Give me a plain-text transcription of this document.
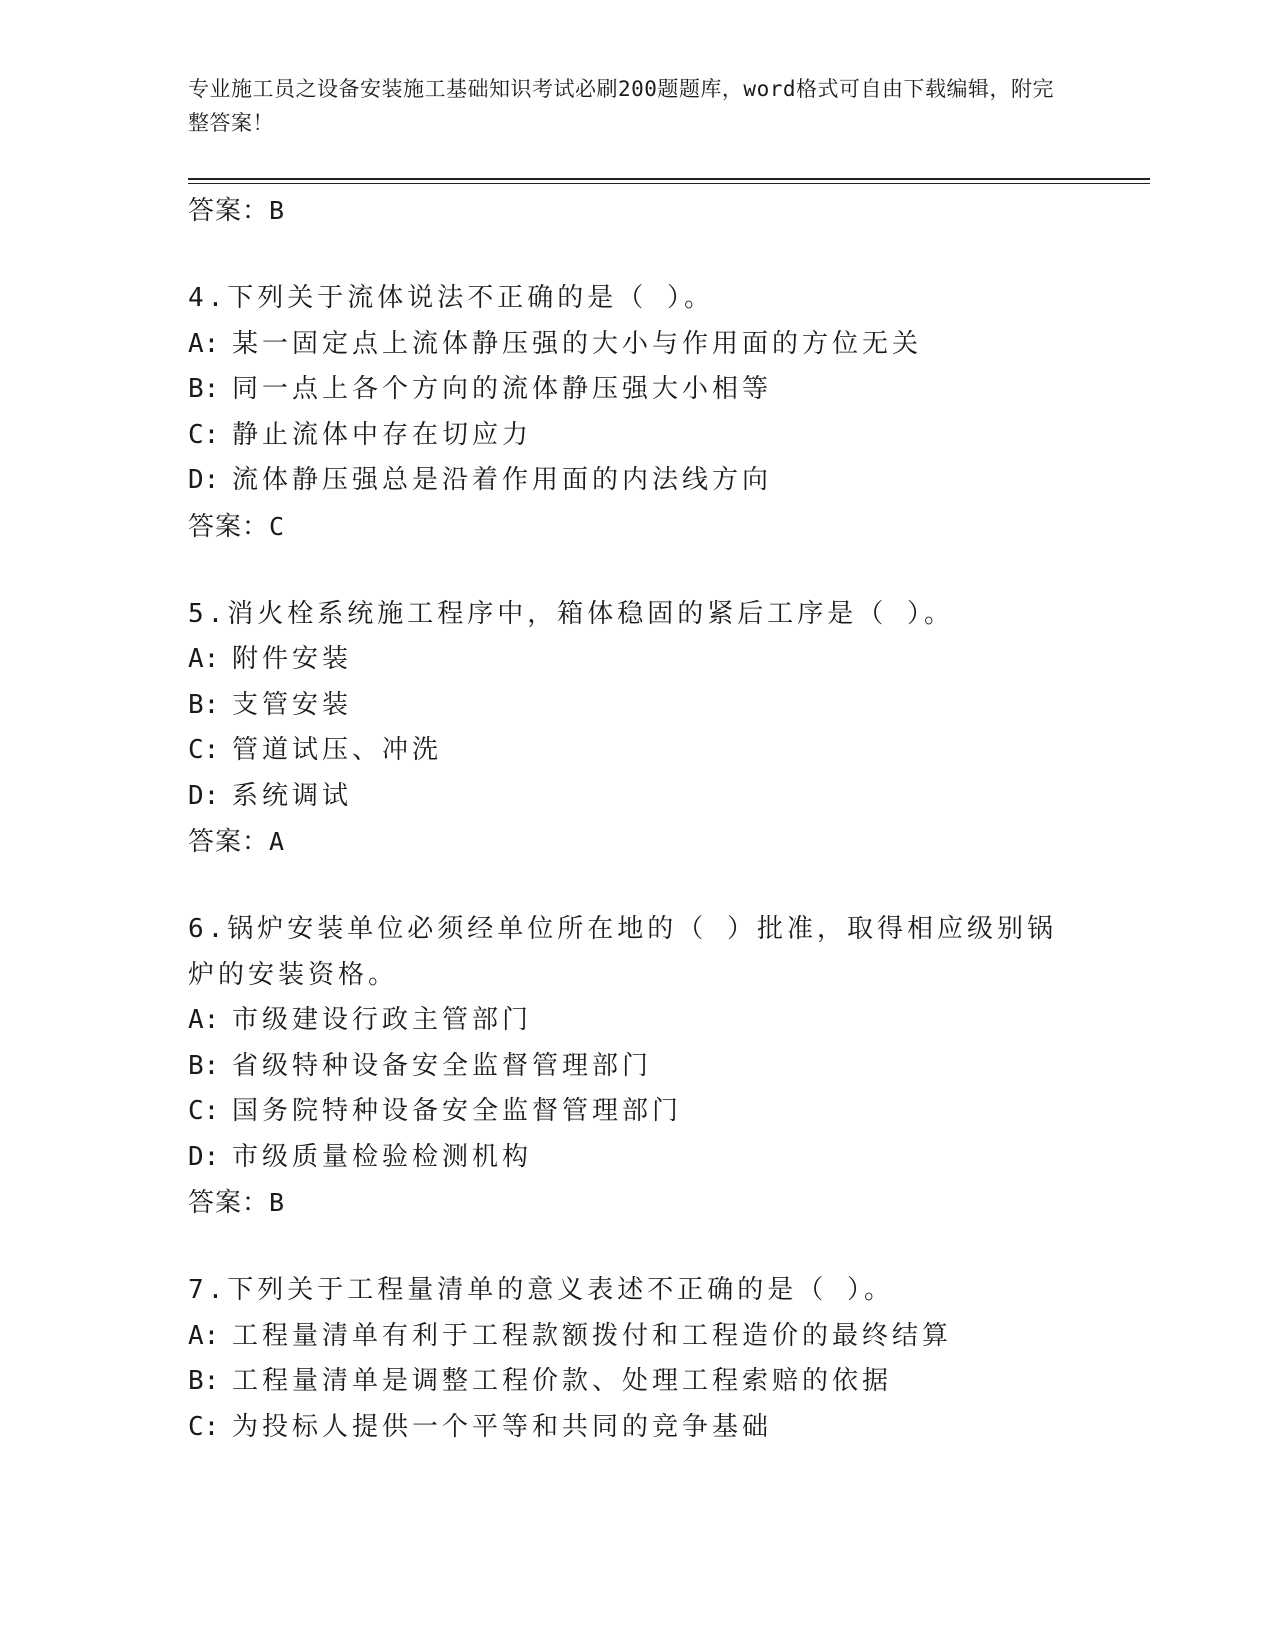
专业施工员之设备安装施工基础知识考试必刷200题题库，word格式可自由下载编辑，附完整答案！
答案：B
4.下列关于流体说法不正确的是（ ）。
A: 某一固定点上流体静压强的大小与作用面的方位无关
B: 同一点上各个方向的流体静压强大小相等
C: 静止流体中存在切应力
D: 流体静压强总是沿着作用面的内法线方向
答案：C
5.消火栓系统施工程序中，箱体稳固的紧后工序是（ ）。
A: 附件安装
B: 支管安装
C: 管道试压、冲洗
D: 系统调试
答案：A
6.锅炉安装单位必须经单位所在地的（ ）批准，取得相应级别锅炉的安装资格。
A: 市级建设行政主管部门
B: 省级特种设备安全监督管理部门
C: 国务院特种设备安全监督管理部门
D: 市级质量检验检测机构
答案：B
7.下列关于工程量清单的意义表述不正确的是（ ）。
A: 工程量清单有利于工程款额拨付和工程造价的最终结算
B: 工程量清单是调整工程价款、处理工程索赔的依据
C: 为投标人提供一个平等和共同的竞争基础
